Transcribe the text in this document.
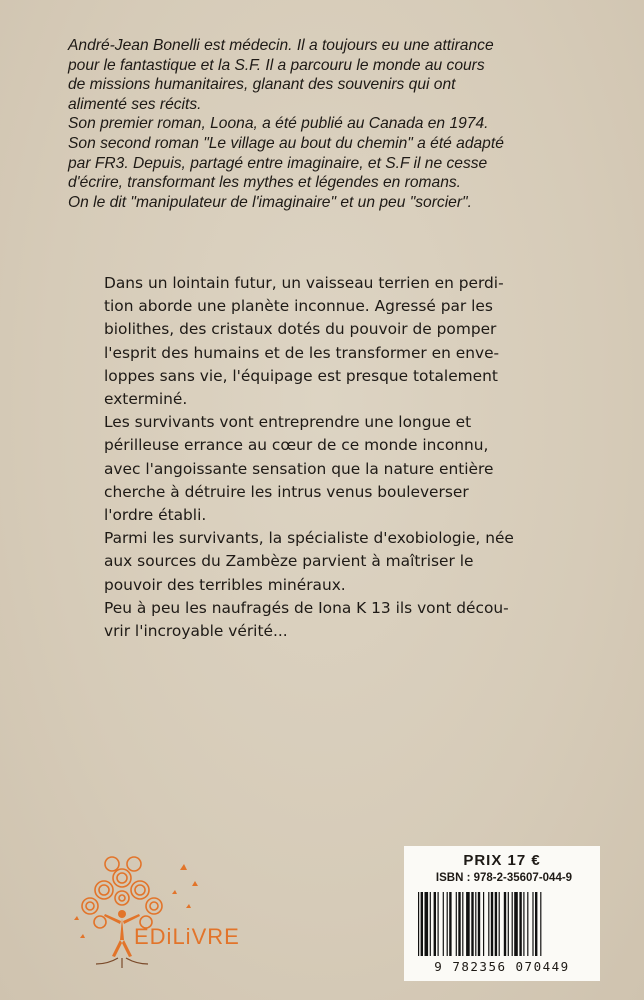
André-Jean Bonelli est médecin. Il a toujours eu une attirance

pour le fantastique et la S.F. Il a parcouru le monde au cours

de missions humanitaires, glanant des souvenirs qui ont

alimenté ses récits.

Son premier roman, Loona, a été publié au Canada en 1974.

Son second roman "Le village au bout du chemin" a été adapté

par FR3. Depuis, partagé entre imaginaire, et S.F il ne cesse

d'écrire, transformant les mythes et légendes en romans.

On le dit "manipulateur de l'imaginaire" et un peu "sorcier".

Dans un lointain futur, un vaisseau terrien en perdi-

tion aborde une planète inconnue. Agressé par les

biolithes, des cristaux dotés du pouvoir de pomper

l'esprit des humains et de les transformer en enve-

loppes sans vie, l'équipage est presque totalement

exterminé.

Les survivants vont entreprendre une longue et

périlleuse errance au cœur de ce monde inconnu,

avec l'angoissante sensation que la nature entière

cherche à détruire les intrus venus bouleverser

l'ordre établi.

Parmi les survivants, la spécialiste d'exobiologie, née

aux sources du Zambèze parvient à maîtriser le

pouvoir des terribles minéraux.

Peu à peu les naufragés de Iona K 13 ils vont décou-

vrir l'incroyable vérité...

EDiLiVRE
PRIX 17 €
ISBN : 978-2-35607-044-9
9 782356 070449
